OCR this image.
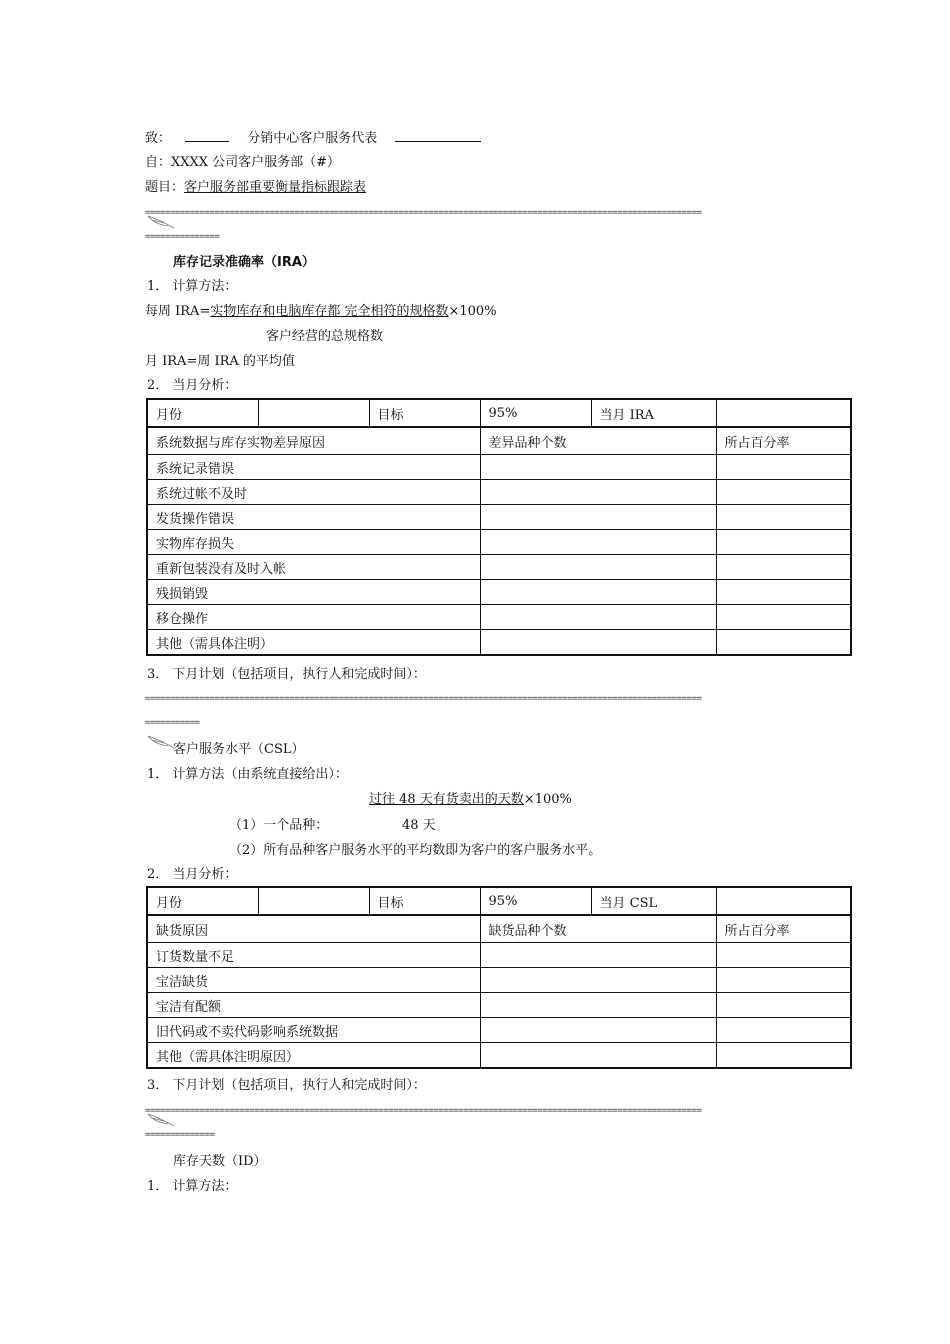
致：	分销中心客户服务代表
自：XXXX 公司客户服务部（#）
题目：客户服务部重要衡量指标跟踪表
================================================================================================================
===============
库存记录准确率（IRA）
1． 计算方法：
每周 IRA=实物库存和电脑库存都 完全相符的规格数×100%
客户经营的总规格数
月 IRA=周 IRA 的平均值
2． 当月分析：
月份		目标	95%	当月 IRA	
系统数据与库存实物差异原因			差异品种个数		所占百分率
系统记录错误					
系统过帐不及时					
发货操作错误					
实物库存损失					
重新包装没有及时入帐					
残损销毁					
移仓操作					
其他（需具体注明）					
3． 下月计划（包括项目，执行人和完成时间）：
================================================================================================================
===========
客户服务水平（CSL）
1． 计算方法（由系统直接给出）：
过往 48 天有货卖出的天数×100%
（1）一个品种：	48 天
（2）所有品种客户服务水平的平均数即为客户的客户服务水平。
2． 当月分析：
月份		目标	95%	当月 CSL	
缺货原因			缺货品种个数		所占百分率
订货数量不足					
宝洁缺货					
宝洁有配额					
旧代码或不卖代码影响系统数据					
其他（需具体注明原因）					
3． 下月计划（包括项目，执行人和完成时间）：
================================================================================================================
==============
库存天数（ID）
1． 计算方法：
